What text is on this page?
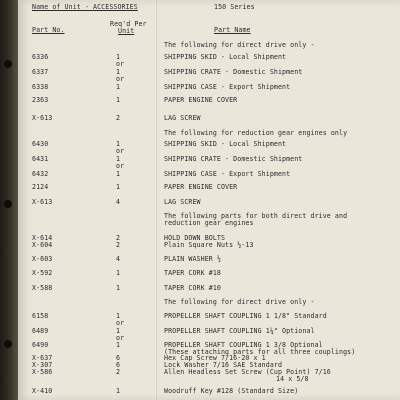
Name of Unit - ACCESSORIES	150 Series
Part No.
Req'd Per
Unit	Part Name
The following for direct drive only -
6336	1	SHIPPING SKID - Local Shipment
or
6337	1	SHIPPING CRATE - Domestic Shipment
or
6338	1	SHIPPING CASE - Export Shipment
2363	1	PAPER ENGINE COVER
X-613	2	LAG SCREW
The following for reduction gear engines only
6430	1	SHIPPING SKID - Local Shipment
or
6431	1	SHIPPING CRATE - Domestic Shipment
or
6432	1	SHIPPING CASE - Export Shipment
2124	1	PAPER ENGINE COVER
X-613	4	LAG SCREW
The following parts for both direct drive and
reduction gear engines
X-614	2	HOLD DOWN BOLTS
X-604	2	Plain Square Nuts ½-13
X-603	4	PLAIN WASHER ½
X-592	1	TAPER CORK #18
X-588	1	TAPER CORK #10
The following for direct drive only -
6158	1	PROPELLER SHAFT COUPLING 1 1/8" Standard
or
6489	1	PROPELLER SHAFT COUPLING 1¼" Optional
or
6490	1	PROPELLER SHAFT COUPLING 1 3/8 Optional
(These attaching parts for all three couplings)
X-637	6	Hex Cap Screw 7/16-20 x 1
X-307	6	Lock Washer 7/16 SAE Standard
X-586	2	Allen Headless Set Screw (Cup Point) 7/16
14 x 5/8
X-410	1	Woodruff Key #128 (Standard Size)
